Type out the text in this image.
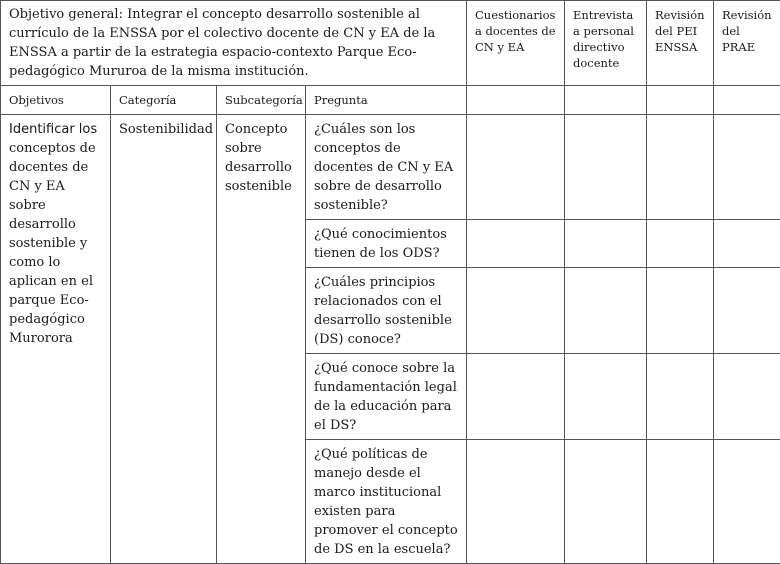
Objetivo general: Integrar el concepto desarrollo sostenible al currículo de la ENSSA por el colectivo docente de CN y EA de la ENSSA a partir de la estrategia espacio-contexto Parque Eco-pedagógico Mururoa de la misma institución.				Cuestionarios a docentes de CN y EA	Entrevista a personal directivo docente	Revisión del PEI ENSSA	Revisión del PRAE

Objetivos	Categoría	Subcategoría	Pregunta				

Identificar los conceptos de docentes de CN y EA sobre desarrollo sostenible y como lo aplican en el parque Eco-pedagógico Murorora	Sostenibilidad	Concepto sobre desarrollo sostenible	¿Cuáles son los conceptos de docentes de CN y EA sobre de desarrollo sostenible?				

			¿Qué conocimientos tienen de los ODS?				

			¿Cuáles principios relacionados con el desarrollo sostenible (DS) conoce?				

			¿Qué conoce sobre la fundamentación legal de la educación para el DS?				

			¿Qué políticas de manejo desde el marco institucional existen para promover el concepto de DS en la escuela?				
